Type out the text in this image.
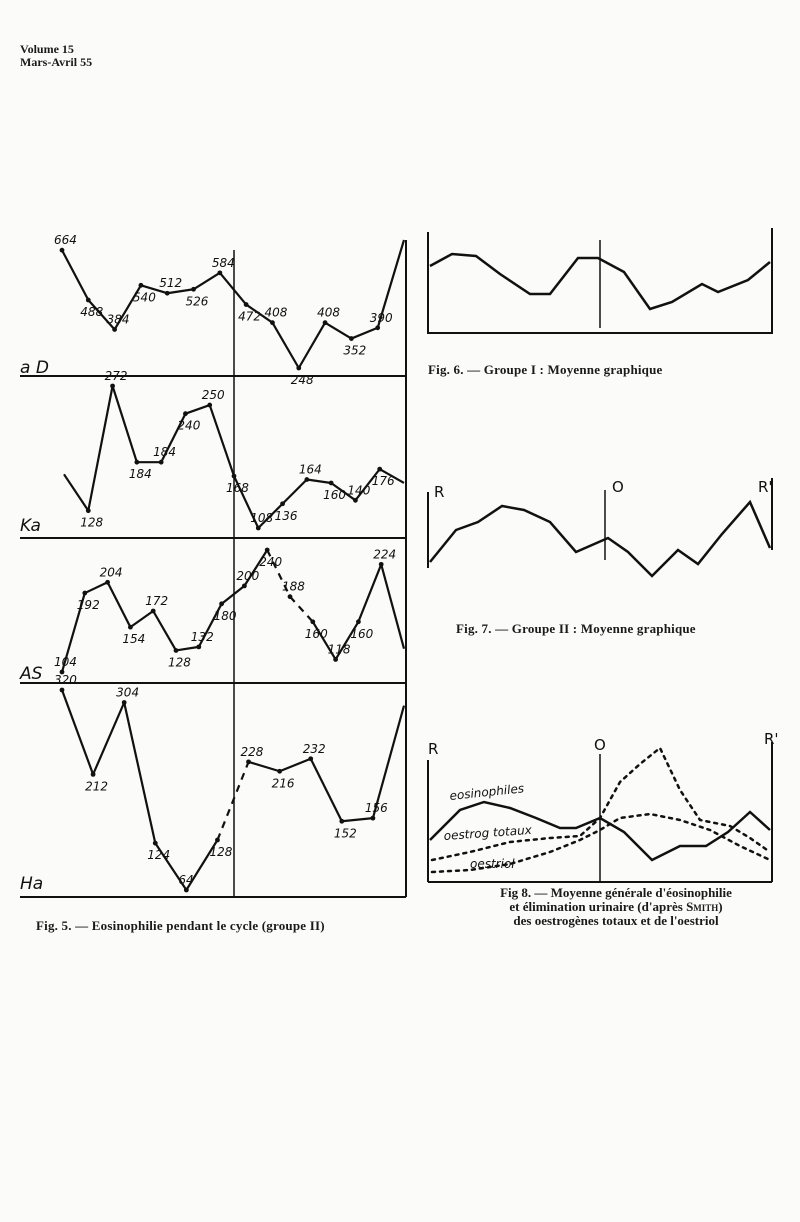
Volume 15
Mars-Avril 55
664
488
384
540
512
526
584
472 408
248
408
352
390
128
272
184
184
240
250
168
108 136
164
160 140
176
104
192
204
154
172
128
132
180
200
240
188
160
118
160
224
320
212
304
124
64
128
228
216
232
152
156
a D
Ka
AS
Ha
R	O	R'
R	O	R'
eosinophiles
oestrog totaux
oestriol
Fig. 6. — Groupe I : Moyenne graphique
Fig. 7. — Groupe II : Moyenne graphique
Fig 8. — Moyenne générale d'éosinophilie
et élimination urinaire (d'après Smith)
des oestrogènes totaux et de l'oestriol
Fig. 5. — Eosinophilie pendant le cycle (groupe II)
